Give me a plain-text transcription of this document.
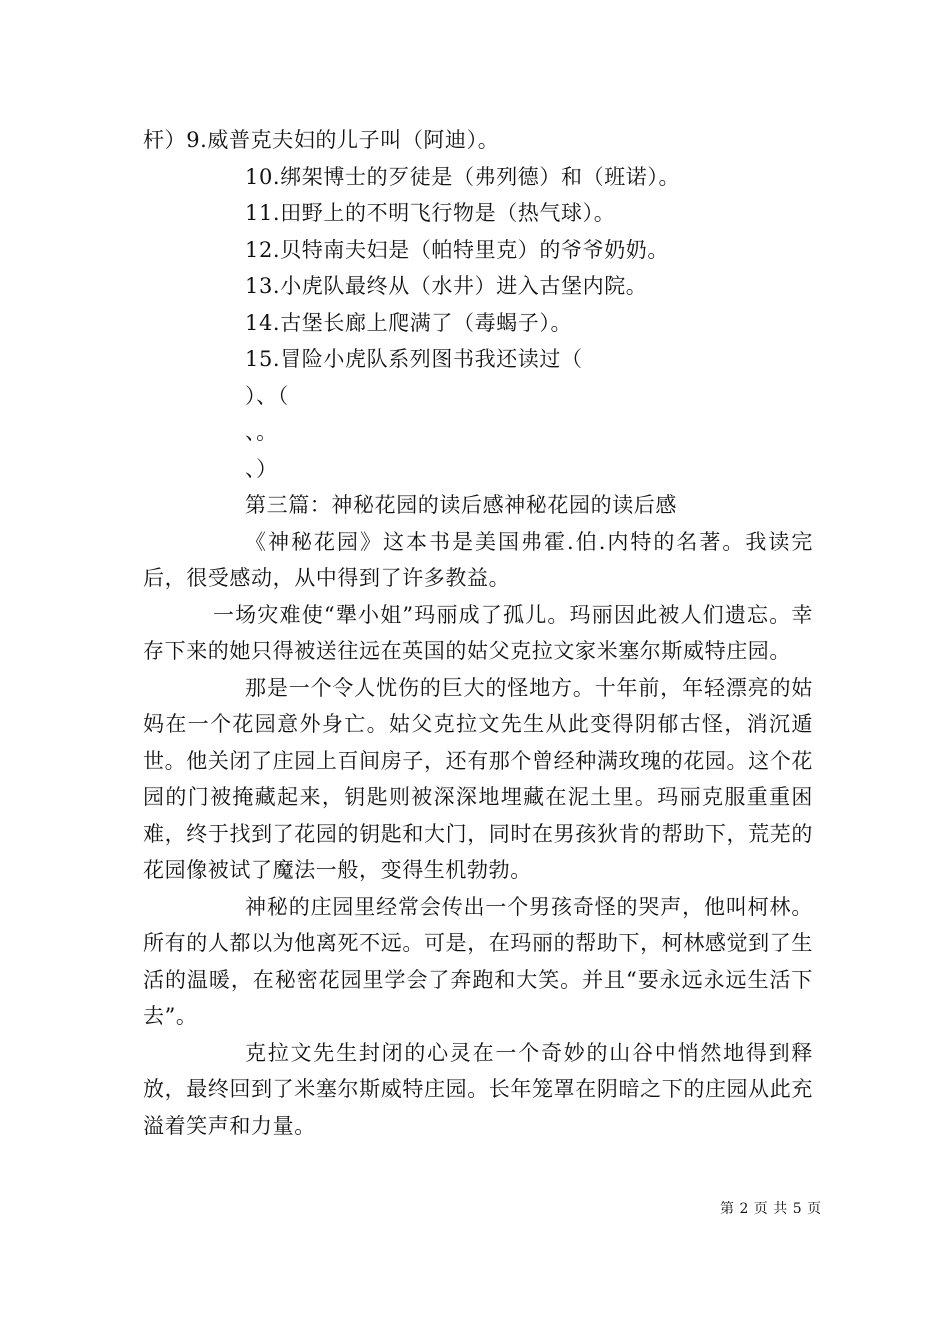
杆）9.威普克夫妇的儿子叫（阿迪）。

10.绑架博士的歹徒是（弗列德）和（班诺）。

11.田野上的不明飞行物是（热气球）。

12.贝特南夫妇是（帕特里克）的爷爷奶奶。

13.小虎队最终从（水井）进入古堡内院。

14.古堡长廊上爬满了（毒蝎子）。

15.冒险小虎队系列图书我还读过（

）、（

、。

、）

第三篇：神秘花园的读后感神秘花园的读后感

《神秘花园》这本书是美国弗霍.伯.内特的名著。我读完后，很受感动，从中得到了许多教益。

一场灾难使“犟小姐”玛丽成了孤儿。玛丽因此被人们遗忘。幸存下来的她只得被送往远在英国的姑父克拉文家米塞尔斯威特庄园。

那是一个令人忧伤的巨大的怪地方。十年前，年轻漂亮的姑妈在一个花园意外身亡。姑父克拉文先生从此变得阴郁古怪，消沉遁世。他关闭了庄园上百间房子，还有那个曾经种满玫瑰的花园。这个花园的门被掩藏起来，钥匙则被深深地埋藏在泥土里。玛丽克服重重困难，终于找到了花园的钥匙和大门，同时在男孩狄肯的帮助下，荒芜的花园像被试了魔法一般，变得生机勃勃。

神秘的庄园里经常会传出一个男孩奇怪的哭声，他叫柯林。所有的人都以为他离死不远。可是，在玛丽的帮助下，柯林感觉到了生活的温暖，在秘密花园里学会了奔跑和大笑。并且“要永远永远生活下去”。

克拉文先生封闭的心灵在一个奇妙的山谷中悄然地得到释放，最终回到了米塞尔斯威特庄园。长年笼罩在阴暗之下的庄园从此充溢着笑声和力量。

第 2 页 共 5 页
